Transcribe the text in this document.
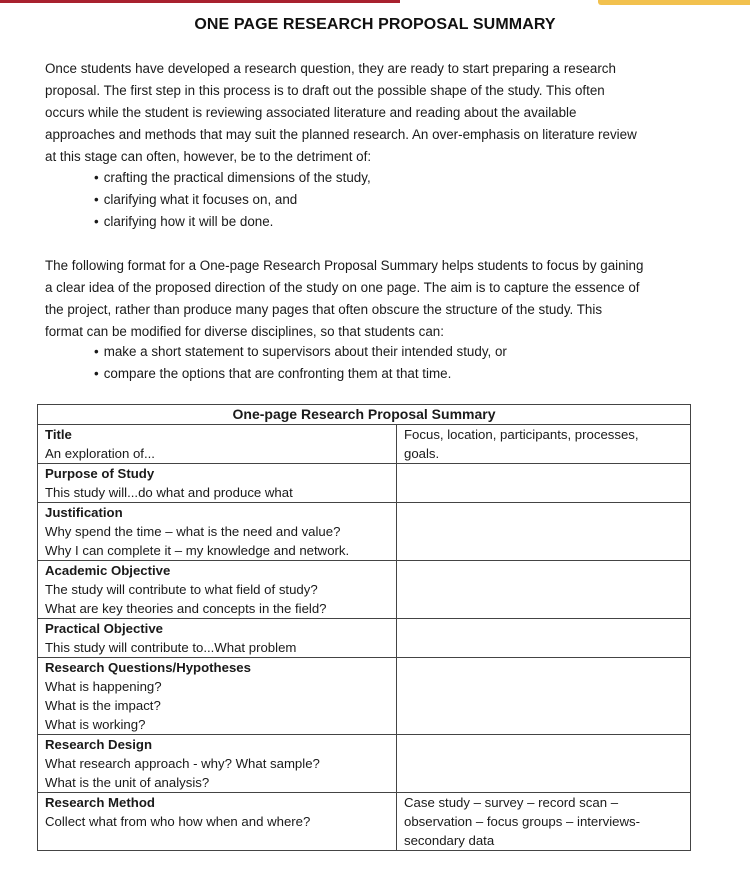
ONE PAGE RESEARCH PROPOSAL SUMMARY

Once students have developed a research question, they are ready to start preparing a research
proposal. The first step in this process is to draft out the possible shape of the study. This often
occurs while the student is reviewing associated literature and reading about the available
approaches and methods that may suit the planned research. An over-emphasis on literature review
at this stage can often, however, be to the detriment of:

• crafting the practical dimensions of the study,
• clarifying what it focuses on, and
• clarifying how it will be done.

The following format for a One-page Research Proposal Summary helps students to focus by gaining
a clear idea of the proposed direction of the study on one page. The aim is to capture the essence of
the project, rather than produce many pages that often obscure the structure of the study. This
format can be modified for diverse disciplines, so that students can:

• make a short statement to supervisors about their intended study, or
• compare the options that are confronting them at that time.
One-page Research Proposal Summary	

Title
An exploration of...	Focus, location, participants, processes,
goals.

Purpose of Study
This study will...do what and produce what	

Justification
Why spend the time – what is the need and value?
Why I can complete it – my knowledge and network.	

Academic Objective
The study will contribute to what field of study?
What are key theories and concepts in the field?	

Practical Objective
This study will contribute to...What problem	

Research Questions/Hypotheses
What is happening?
What is the impact?
What is working?	

Research Design
What research approach - why? What sample?
What is the unit of analysis?	

Research Method
Collect what from who how when and where?	Case study – survey – record scan –
observation – focus groups – interviews-
secondary data
